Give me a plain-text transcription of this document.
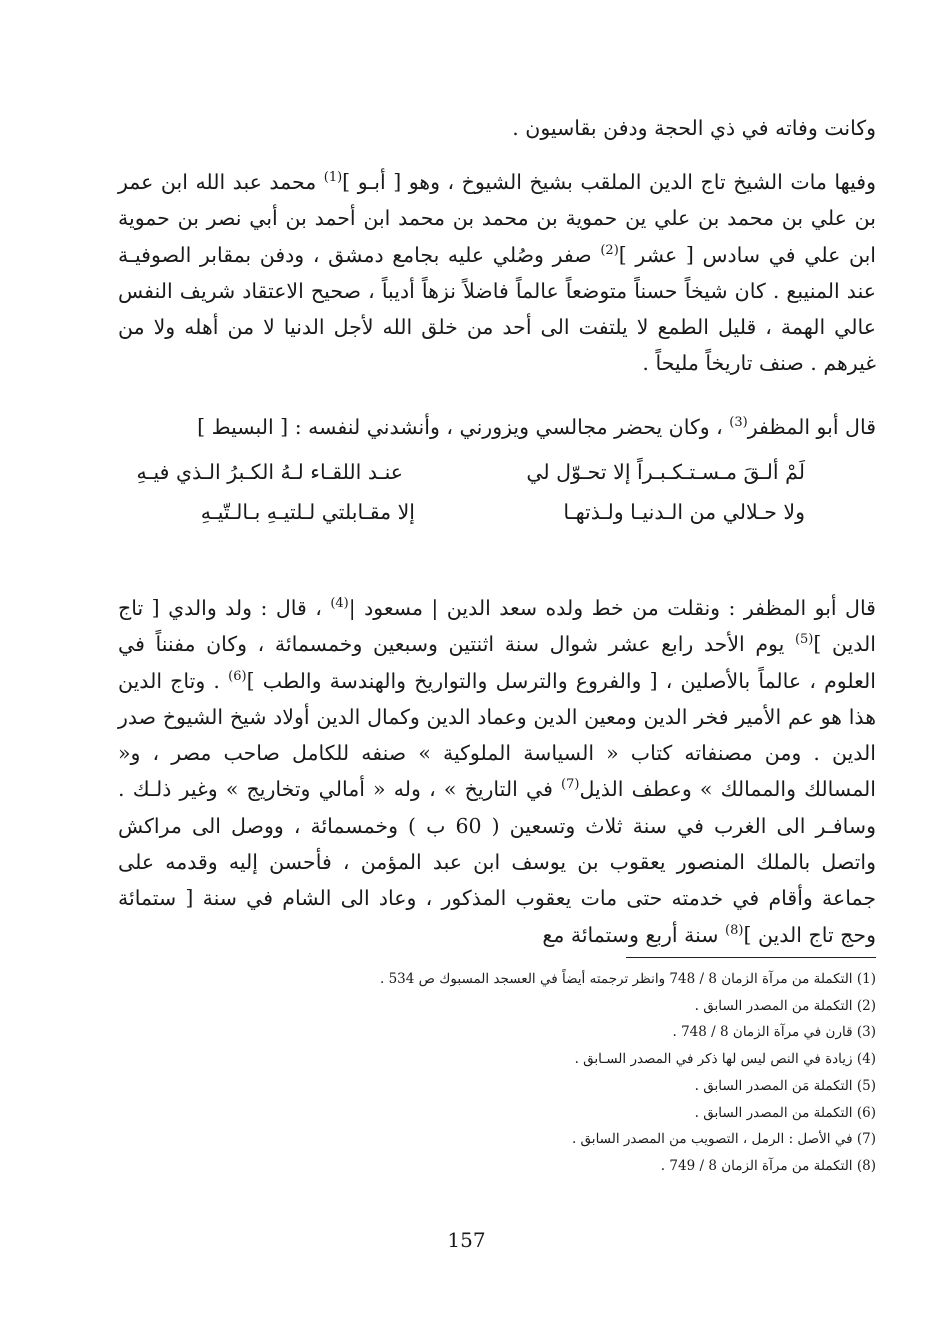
وكانت وفاته في ذي الحجة ودفن بقاسيون .

وفيها مات الشيخ تاج الدين الملقب بشيخ الشيوخ ، وهو [ أبـو ]$^{(1)}$ محمد عبد الله ابن عمر بن علي بن محمد بن علي ين حموية بن محمد بن محمد ابن أحمد بن أبي نصر بن حموية ابن علي في سادس [ عشر ]$^{(2)}$ صفر وصُلي عليه بجامع دمشق ، ودفن بمقابر الصوفيـة عند المنيبع . كان شيخاً حسناً متوضعاً عالماً فاضلاً نزهاً أديباً ، صحيح الاعتقاد شريف النفس عالي الهمة ، قليل الطمع لا يلتفت الى أحد من خلق الله لأجل الدنيا لا من أهله ولا من غيرهم . صنف تاريخاً مليحاً .

قال أبو المظفر$^{(3)}$ ، وكان يحضر مجالسي ويزورني ، وأنشدني لنفسه : [ البسيط ]

لَمْ ألـقَ مـسـتـكـبـراً إلا تحـوّل لي
عنـد اللقـاء لـهُ الكـبرُ الـذي فيـهِ
ولا حـلالي من الـدنيـا ولـذتهـا
إلا مقـابلتي لـلتيـهِ بـالـتّيـهِ

قال أبو المظفر : ونقلت من خط ولده سعد الدين | مسعود |$^{(4)}$ ، قال : ولد والدي [ تاج الدين ]$^{(5)}$ يوم الأحد رابع عشر شوال سنة اثنتين وسبعين وخمسمائة ، وكان مفنناً في العلوم ، عالماً بالأصلين ، [ والفروع والترسل والتواريخ والهندسة والطب ]$^{(6)}$ . وتاج الدين هذا هو عم الأمير فخر الدين ومعين الدين وعماد الدين وكمال الدين أولاد شيخ الشيوخ صدر الدين . ومن مصنفاته كتاب « السياسة الملوكية » صنفه للكامل صاحب مصر ، و« المسالك والممالك » وعطف الذيل$^{(7)}$ في التاريخ » ، وله « أمالي وتخاريج » وغير ذلـك . وسافـر الى الغرب في سنة ثلاث وتسعين ( 60 ب ) وخمسمائة ، ووصل الى مراكش واتصل بالملك المنصور يعقوب بن يوسف ابن عبد المؤمن ، فأحسن إليه وقدمه على جماعة وأقام في خدمته حتى مات يعقوب المذكور ، وعاد الى الشام في سنة [ ستمائة وحج تاج الدين ]$^{(8)}$ سنة أربع وستمائة مع

(1) التكملة من مرآة الزمان 8 / 748 وانظر ترجمته أيضاً في العسجد المسبوك ص 534 .
(2) التكملة من المصدر السابق .
(3) قارن في مرآة الزمان 8 / 748 .
(4) زيادة في النص ليس لها ذكر في المصدر السـابق .
(5) التكملة مَن المصدر السابق .
(6) التكملة من المصدر السابق .
(7) في الأصل : الرمل ، التصويب من المصدر السابق .
(8) التكملة من مرآة الزمان 8 / 749 .
157
